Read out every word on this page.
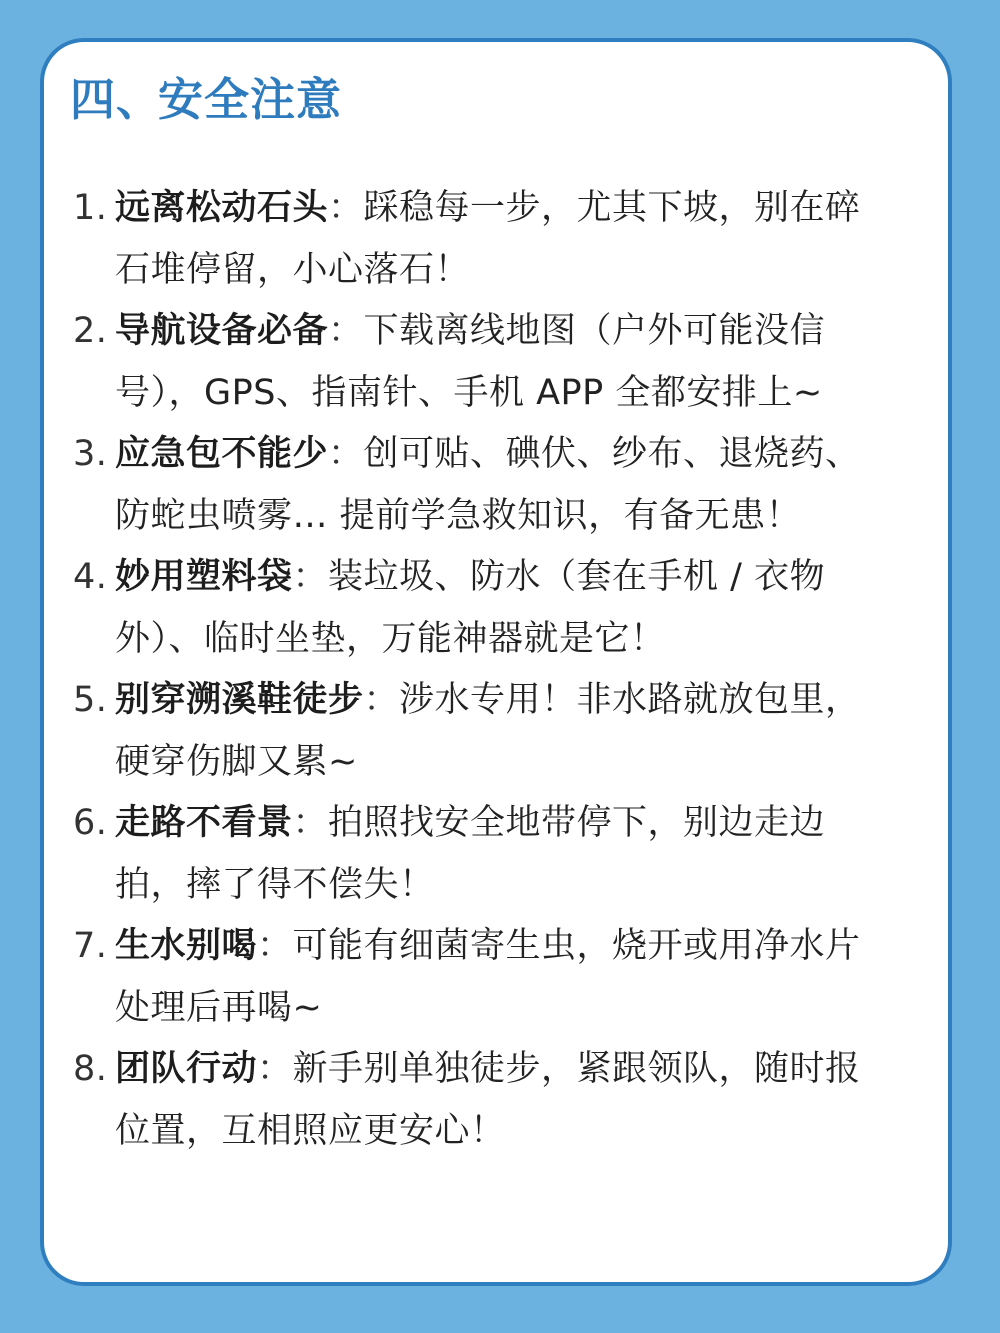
四、安全注意
1. 远离松动石头：踩稳每一步，尤其下坡，别在碎石堆停留，小心落石！
2. 导航设备必备：下载离线地图（户外可能没信号），GPS、指南针、手机 APP 全都安排上~
3. 应急包不能少：创可贴、碘伏、纱布、退烧药、防蛇虫喷雾… 提前学急救知识，有备无患！
4. 妙用塑料袋：装垃圾、防水（套在手机 / 衣物外）、临时坐垫，万能神器就是它！
5. 别穿溯溪鞋徒步：涉水专用！非水路就放包里，硬穿伤脚又累~
6. 走路不看景：拍照找安全地带停下，别边走边拍，摔了得不偿失！
7. 生水别喝：可能有细菌寄生虫，烧开或用净水片处理后再喝~
8. 团队行动：新手别单独徒步，紧跟领队，随时报位置，互相照应更安心！
